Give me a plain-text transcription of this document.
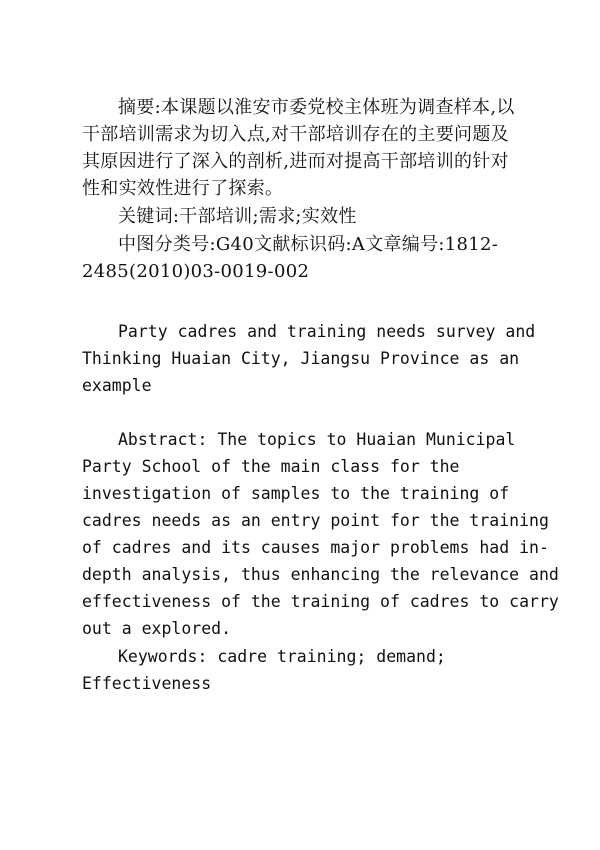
摘要:本课题以淮安市委党校主体班为调查样本,以
干部培训需求为切入点,对干部培训存在的主要问题及
其原因进行了深入的剖析,进而对提高干部培训的针对
性和实效性进行了探索。
关键词:干部培训;需求;实效性
中图分类号:G40文献标识码:A文章编号:1812-
2485(2010)03-0019-002
Party cadres and training needs survey and
Thinking Huaian City, Jiangsu Province as an
example
Abstract: The topics to Huaian Municipal
Party School of the main class for the
investigation of samples to the training of
cadres needs as an entry point for the training
of cadres and its causes major problems had in-
depth analysis, thus enhancing the relevance and
effectiveness of the training of cadres to carry
out a explored.
Keywords: cadre training; demand;
Effectiveness
